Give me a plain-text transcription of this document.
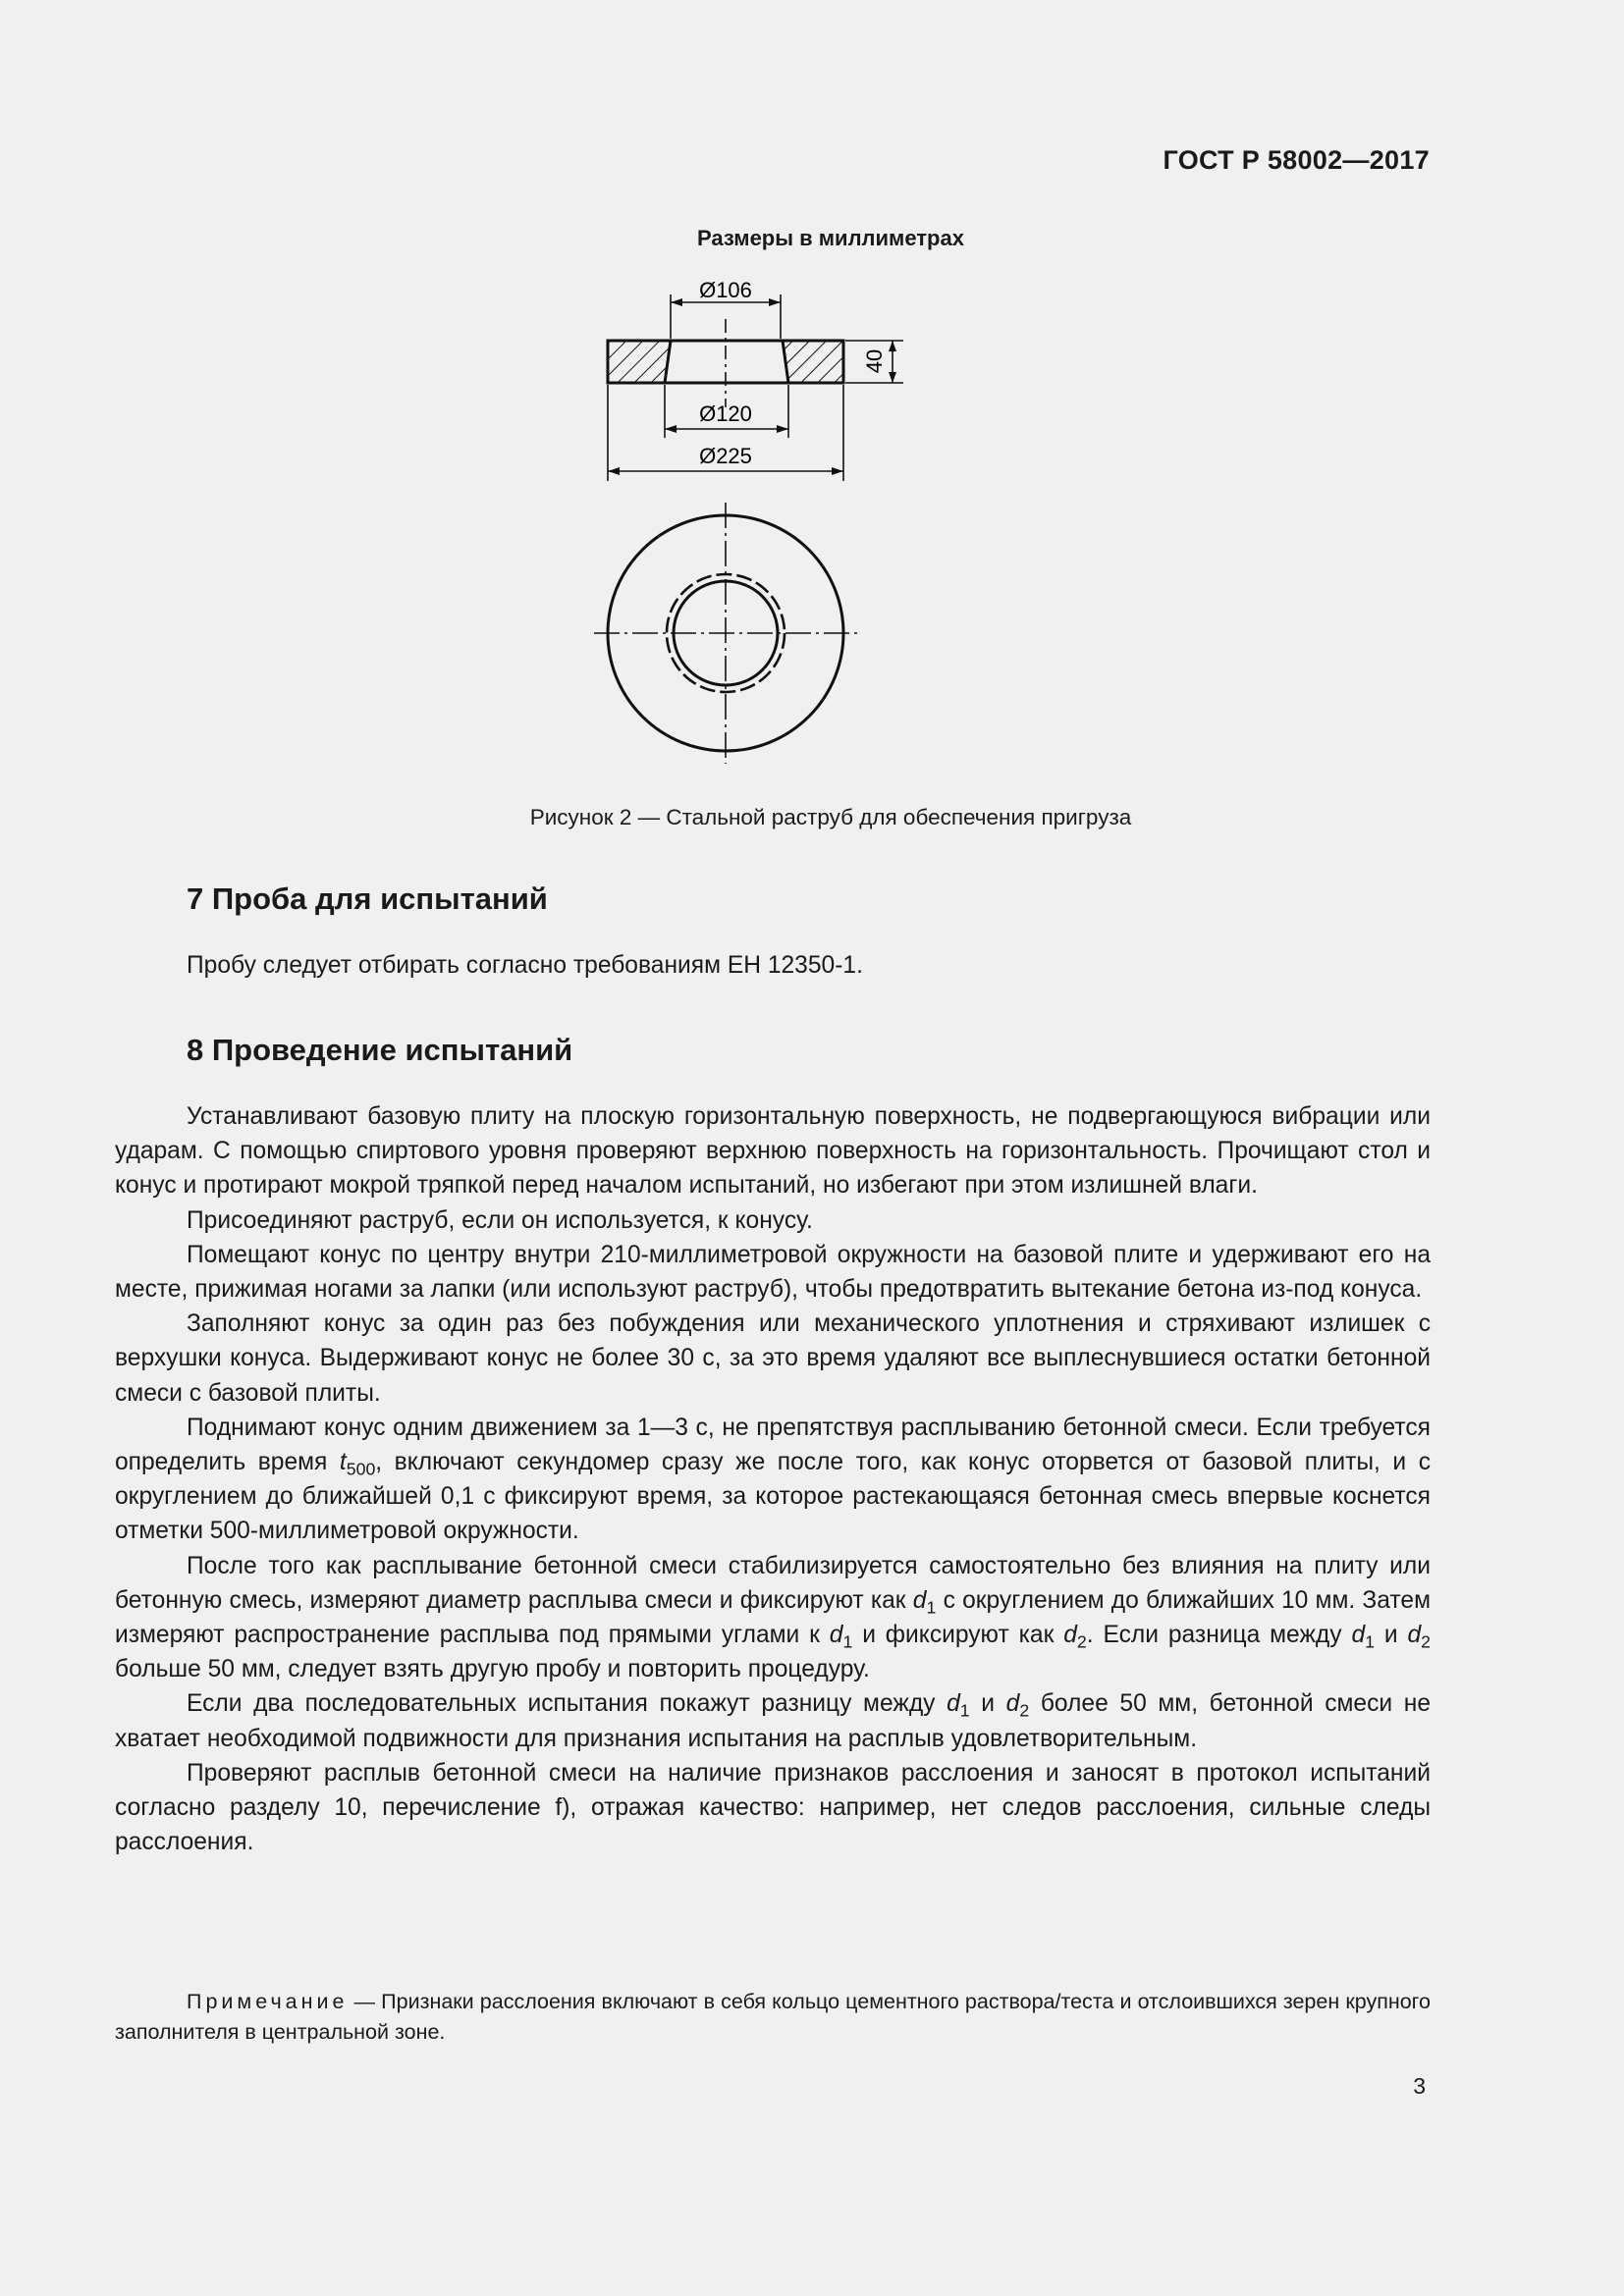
ГОСТ Р 58002—2017
Размеры в миллиметрах
Ø106
40
Ø120
Ø225
Рисунок 2 — Стальной раструб для обеспечения пригруза
7 Проба для испытаний
Пробу следует отбирать согласно требованиям ЕН 12350-1.
8 Проведение испытаний

Устанавливают базовую плиту на плоскую горизонтальную поверхность, не подвергающуюся вибрации или ударам. С помощью спиртового уровня проверяют верхнюю поверхность на горизонтальность. Прочищают стол и конус и протирают мокрой тряпкой перед началом испытаний, но избегают при этом излишней влаги.

Присоединяют раструб, если он используется, к конусу.

Помещают конус по центру внутри 210-миллиметровой окружности на базовой плите и удерживают его на месте, прижимая ногами за лапки (или используют раструб), чтобы предотвратить вытекание бетона из-под конуса.

Заполняют конус за один раз без побуждения или механического уплотнения и стряхивают излишек с верхушки конуса. Выдерживают конус не более 30 с, за это время удаляют все выплеснувшиеся остатки бетонной смеси с базовой плиты.

Поднимают конус одним движением за 1—3 с, не препятствуя расплыванию бетонной смеси. Если требуется определить время $t_{500}$, включают секундомер сразу же после того, как конус оторвется от базовой плиты, и с округлением до ближайшей 0,1 с фиксируют время, за которое растекающаяся бетонная смесь впервые коснется отметки 500-миллиметровой окружности.

После того как расплывание бетонной смеси стабилизируется самостоятельно без влияния на плиту или бетонную смесь, измеряют диаметр расплыва смеси и фиксируют как $d_1$ с округлением до ближайших 10 мм. Затем измеряют распространение расплыва под прямыми углами к $d_1$ и фиксируют как $d_2$. Если разница между $d_1$ и $d_2$ больше 50 мм, следует взять другую пробу и повторить процедуру.

Если два последовательных испытания покажут разницу между $d_1$ и $d_2$ более 50 мм, бетонной смеси не хватает необходимой подвижности для признания испытания на расплыв удовлетворительным.

Проверяют расплыв бетонной смеси на наличие признаков расслоения и заносят в протокол испытаний согласно разделу 10, перечисление f), отражая качество: например, нет следов расслоения, сильные следы расслоения.

Примечание — Признаки расслоения включают в себя кольцо цементного раствора/теста и отслоившихся зерен крупного заполнителя в центральной зоне.
3
